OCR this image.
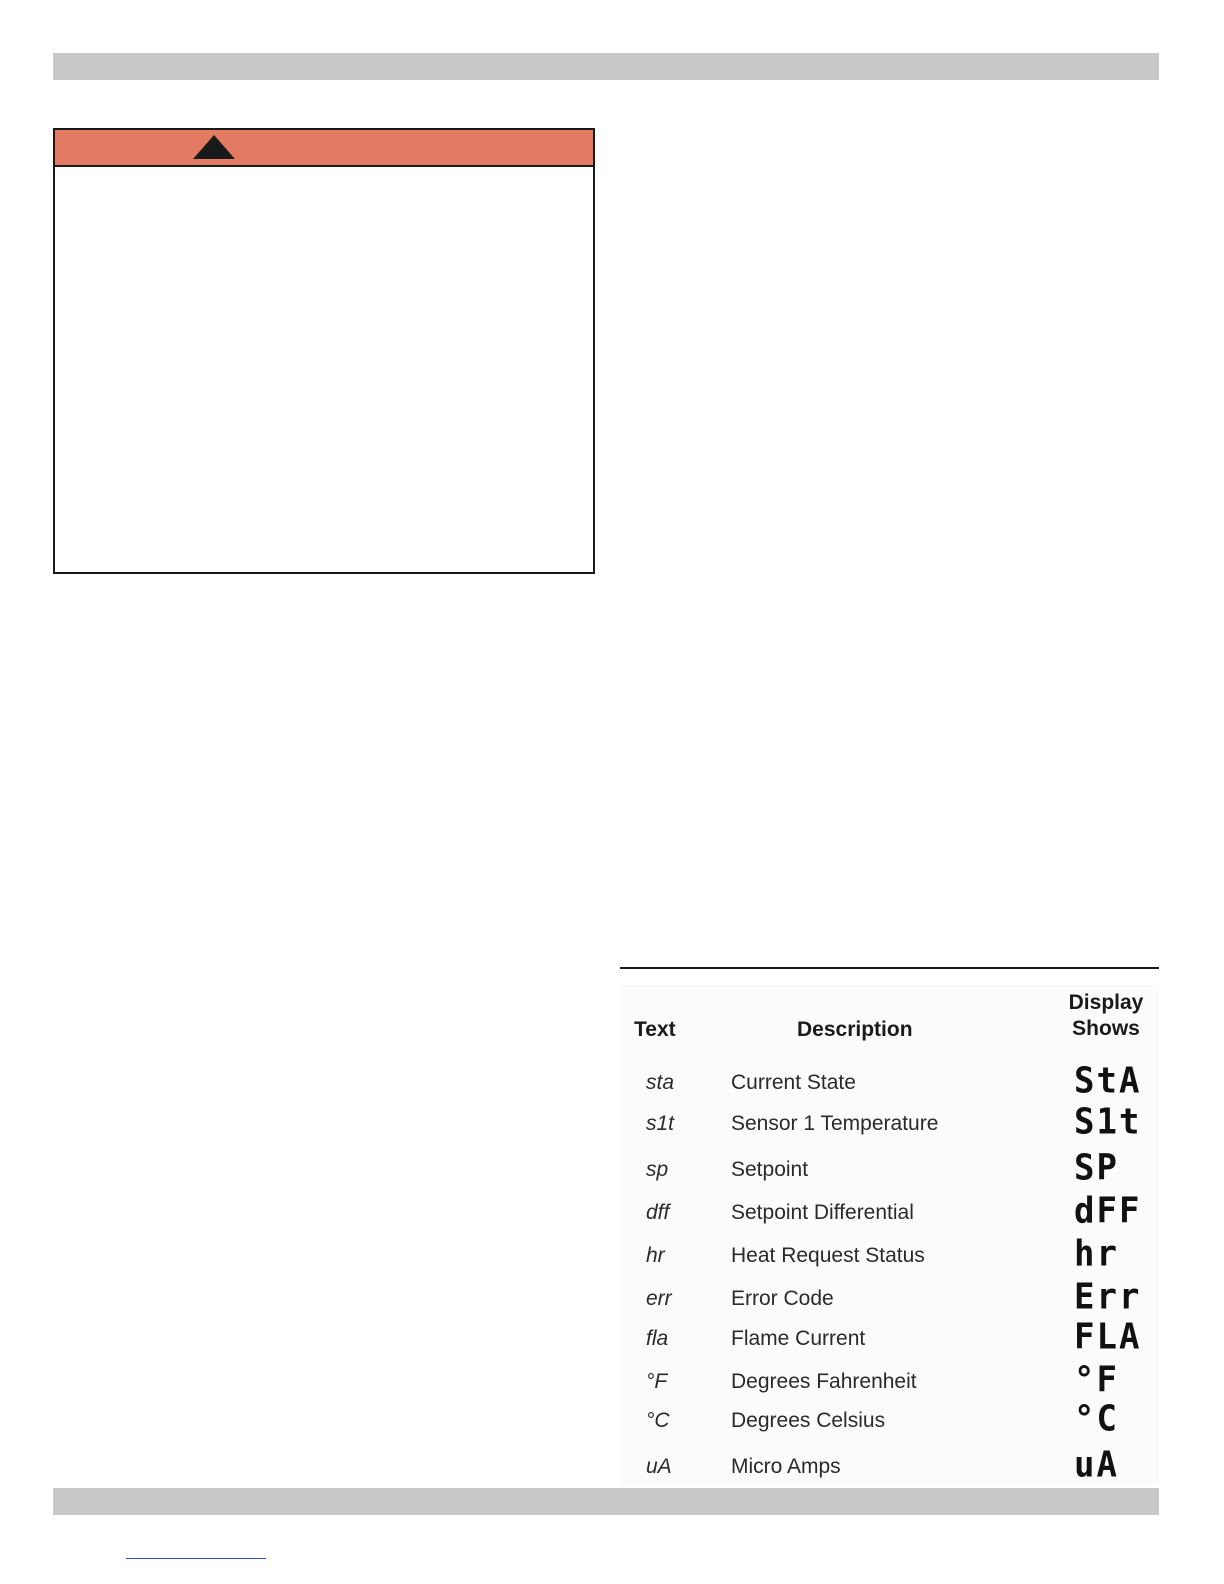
Text	Description
Display
Shows
sta	Current State	StA
s1t	Sensor 1 Temperature	S1t
sp	Setpoint	SP
dff	Setpoint Differential	dFF
hr	Heat Request Status	hr
err	Error Code	Err
fla	Flame Current	FLA
°F	Degrees Fahrenheit	°F
°C	Degrees Celsius	°C
uA	Micro Amps	uA
